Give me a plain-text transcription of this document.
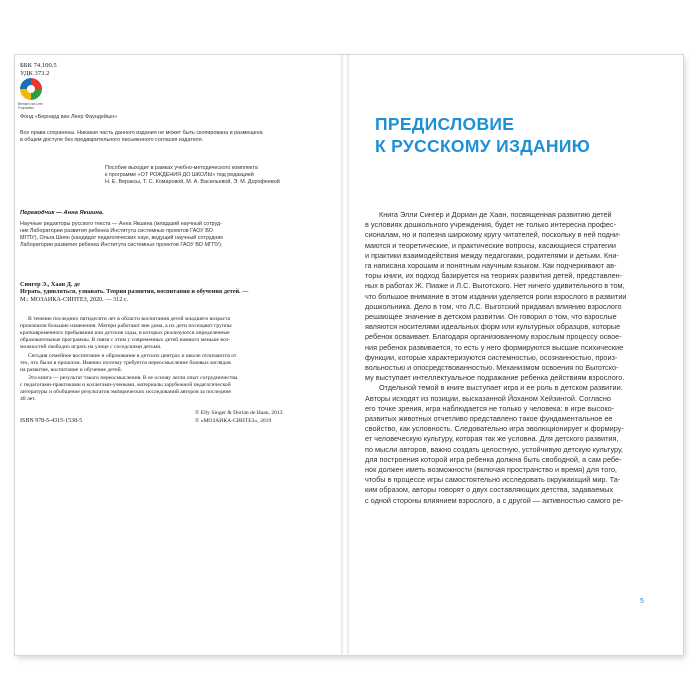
ББК 74.100.5

УДК 373.2

Bernard van Leer Foundation

Фонд «Бернард ван Леер Фаундейшн»

Все права сохранены. Никакая часть данного издания не может быть скопирована и размещена

в общем доступе без предварительного письменного согласия издателя.

Пособие выходит в рамках учебно-методического комплекта

к программе «ОТ РОЖДЕНИЯ ДО ШКОЛЫ» под редакцией

Н. Е. Вераксы, Т. С. Комаровой, М. А. Васильевой, Э. М. Дорофеевой

Переводчик — Анна Якшина.

Научные редакторы русского текста — Анна Якшина (младший научный сотруд-

ник Лаборатории развития ребенка Института системных проектов ГАОУ ВО

МГПУ), Ольга Шиян (кандидат педагогических наук, ведущий научный сотрудник

Лаборатории развития ребенка Института системных проектов ГАОУ ВО МГПУ).

Сингер Э., Хаан Д. де

Играть, удивляться, узнавать. Теория развития, воспитания и обучения детей. —

М.: МОЗАИКА-СИНТЕЗ, 2020. — 312 с.

В течение последних пятидесяти лет в области воспитания детей младшего возраста

произошли большие изменения. Матери работают вне дома, а их дети посещают группы

кратковременного пребывания или детские сады, в которых реализуются определенные

образовательные программы. В связи с этим у современных детей намного меньше воз-

можностей свободно играть на улице с соседскими детьми.

Сегодня семейное воспитание и образование в детских центрах и школе отличаются от

тех, что были в прошлом. Именно поэтому требуется переосмысление базовых взглядов

на развитие, воспитание и обучение детей.

Эта книга — результат такого переосмысления. В ее основу легли опыт сотрудничества

с педагогами-практиками и коллегами-учеными, материалы зарубежной педагогической

литературы и обобщение результатов эмпирических исследований авторов за последние

40 лет.

ISBN 978-5-4315-1538-5

© Elly Singer & Dorian de Haan, 2013

© «МОЗАИКА-СИНТЕЗ», 2019

ПРЕДИСЛОВИЕ
К РУССКОМУ ИЗДАНИЮ
Книга Элли Сингер и Дориан де Хаан, посвященная развитию детей
в условиях дошкольного учреждения, будет не только интересна профес-
сионалам, но и полезна широкому кругу читателей, поскольку в ней подни-
маются и теоретические, и практические вопросы, касающиеся стратегии
и практики взаимодействия между педагогами, родителями и детьми. Кни-
га написана хорошим и понятным научным языком. Как подчеркивают ав-
торы книги, их подход базируется на теориях развития детей, представлен-
ных в работах Ж. Пиаже и Л.С. Выготского. Нет ничего удивительного в том,
что большое внимание в этом издании уделяется роли взрослого в развитии
дошкольника. Дело в том, что Л.С. Выготский придавал влиянию взрослого
решающее значение в детском развитии. Он говорил о том, что взрослые
являются носителями идеальных форм или культурных образцов, которые
ребенок осваивает. Благодаря организованному взрослым процессу освое-
ния ребенок развивается, то есть у него формируются высшие психические
функции, которые характеризуются системностью, осознанностью, произ-
вольностью и опосредствованностью. Механизмом освоения по Выготско-
му выступает интеллектуальное подражание ребенка действиям взрослого.
Отдельной темой в книге выступает игра и ее роль в детском развитии.
Авторы исходят из позиции, высказанной Йоханом Хейзингой. Согласно
его точке зрения, игра наблюдается не только у человека: в игре высоко-
развитых животных отчетливо представлено такое фундаментальное ее
свойство, как условность. Следовательно игра эволюционирует и формиру-
ет человеческую культуру, которая так же условна. Для детского развития,
по мысли авторов, важно создать целостную, устойчивую детскую культуру,
для построения которой игра ребенка должна быть свободной, а сам ребе-
нок должен иметь возможности (включая пространство и время) для того,
чтобы в процессе игры самостоятельно исследовать окружающий мир. Та-
ким образом, авторы говорят о двух составляющих детства, задаваемых
с одной стороны влиянием взрослого, а с другой — активностью самого ре-

5
